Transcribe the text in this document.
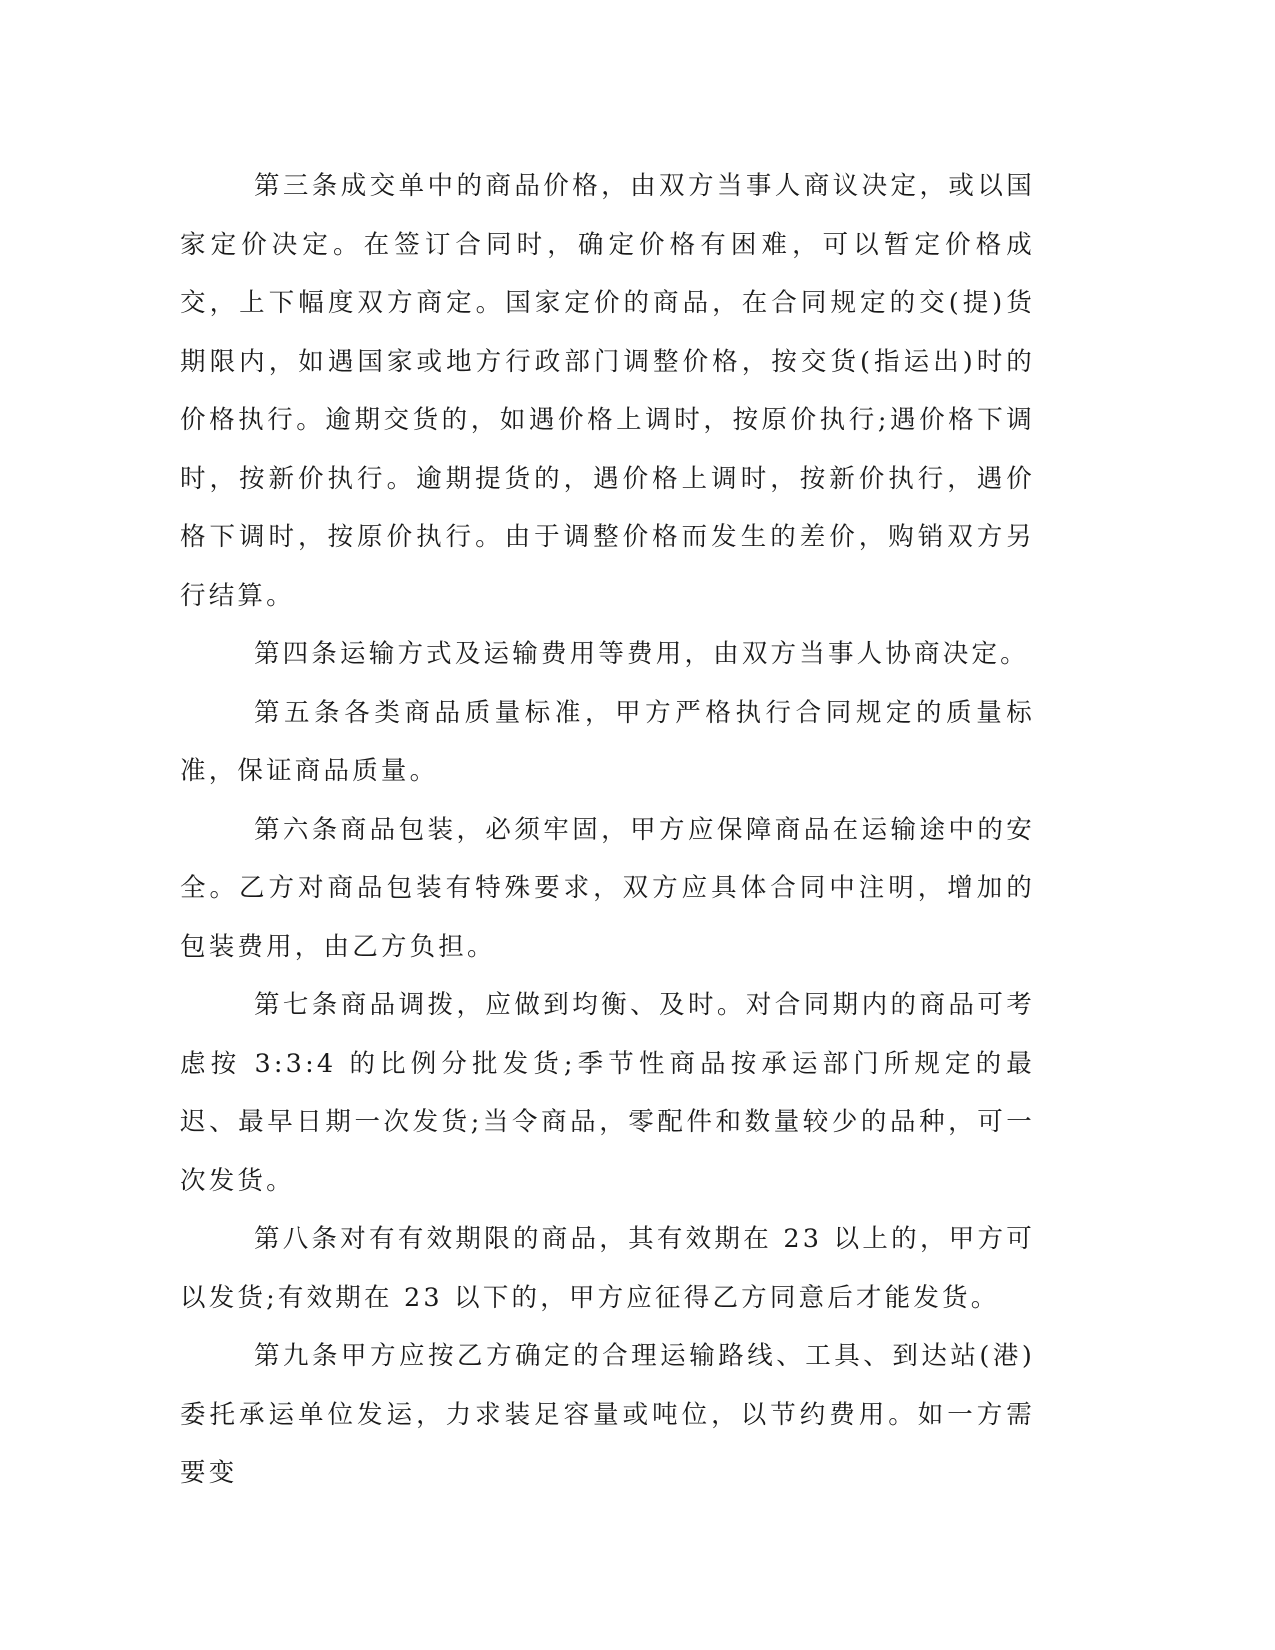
第三条成交单中的商品价格，由双方当事人商议决定，或以国家定价决定。在签订合同时，确定价格有困难，可以暂定价格成交，上下幅度双方商定。国家定价的商品，在合同规定的交(提)货期限内，如遇国家或地方行政部门调整价格，按交货(指运出)时的价格执行。逾期交货的，如遇价格上调时，按原价执行;遇价格下调时，按新价执行。逾期提货的，遇价格上调时，按新价执行，遇价格下调时，按原价执行。由于调整价格而发生的差价，购销双方另行结算。

第四条运输方式及运输费用等费用，由双方当事人协商决定。

第五条各类商品质量标准，甲方严格执行合同规定的质量标准，保证商品质量。

第六条商品包装，必须牢固，甲方应保障商品在运输途中的安全。乙方对商品包装有特殊要求，双方应具体合同中注明，增加的包装费用，由乙方负担。

第七条商品调拨，应做到均衡、及时。对合同期内的商品可考虑按 3:3:4 的比例分批发货;季节性商品按承运部门所规定的最迟、最早日期一次发货;当令商品，零配件和数量较少的品种，可一次发货。

第八条对有有效期限的商品，其有效期在 23 以上的，甲方可以发货;有效期在 23 以下的，甲方应征得乙方同意后才能发货。

第九条甲方应按乙方确定的合理运输路线、工具、到达站(港)委托承运单位发运，力求装足容量或吨位，以节约费用。如一方需要变
